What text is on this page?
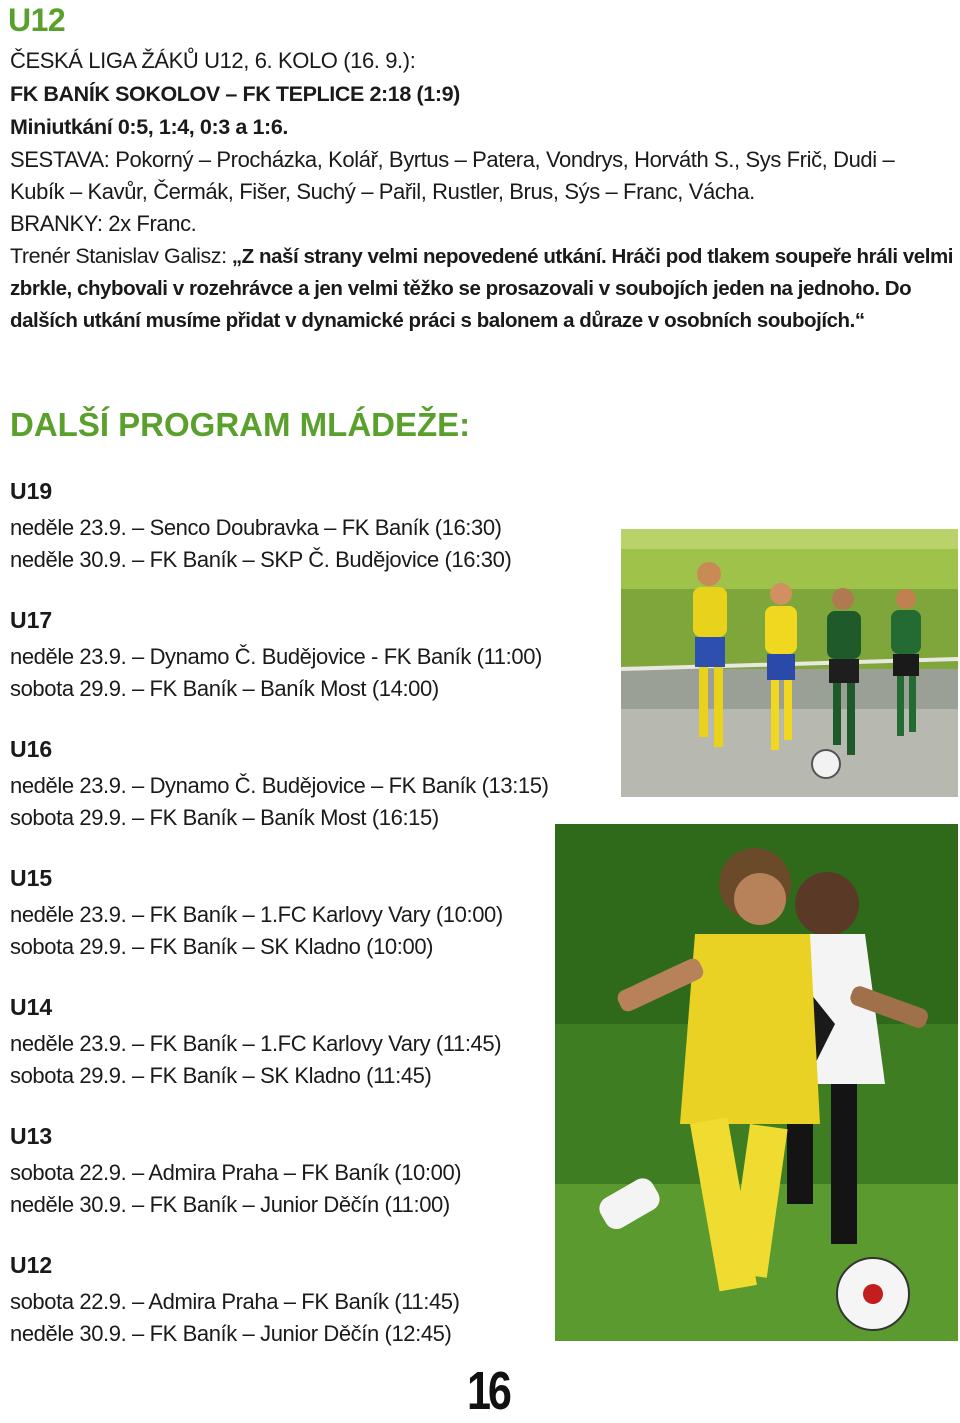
U12
ČESKÁ LIGA ŽÁKŮ U12, 6. KOLO (16. 9.):
FK BANÍK SOKOLOV – FK TEPLICE 2:18 (1:9)
Miniutkání 0:5, 1:4, 0:3 a 1:6.
SESTAVA: Pokorný – Procházka, Kolář, Byrtus – Patera, Vondrys, Horváth S., Sys Frič, Dudi –
Kubík – Kavůr, Čermák, Fišer, Suchý – Pařil, Rustler, Brus, Sýs – Franc, Vácha.
BRANKY: 2x Franc.
Trenér Stanislav Galisz: „Z naší strany velmi nepovedené utkání. Hráči pod tlakem soupeře hráli velmi zbrkle, chybovali v rozehrávce a jen velmi těžko se prosazovali v soubojích jeden na jednoho. Do dalších utkání musíme přidat v dynamické práci s balonem a důraze v osobních soubojích.“
DALŠÍ PROGRAM MLÁDEŽE:
U19
neděle 23.9. – Senco Doubravka – FK Baník (16:30)
neděle 30.9. – FK Baník – SKP Č. Budějovice (16:30)
U17
neděle 23.9. – Dynamo Č. Budějovice - FK Baník (11:00)
sobota 29.9. – FK Baník – Baník Most (14:00)
U16
neděle 23.9. – Dynamo Č. Budějovice – FK Baník (13:15)
sobota 29.9. – FK Baník – Baník Most (16:15)
U15
neděle 23.9. – FK Baník – 1.FC Karlovy Vary (10:00)
sobota 29.9. – FK Baník – SK Kladno (10:00)
U14
neděle 23.9. – FK Baník – 1.FC Karlovy Vary (11:45)
sobota 29.9. – FK Baník – SK Kladno (11:45)
U13
sobota 22.9. – Admira Praha – FK Baník (10:00)
neděle 30.9. – FK Baník – Junior Děčín (11:00)
U12
sobota 22.9. – Admira Praha – FK Baník (11:45)
neděle 30.9. – FK Baník – Junior Děčín (12:45)
16
